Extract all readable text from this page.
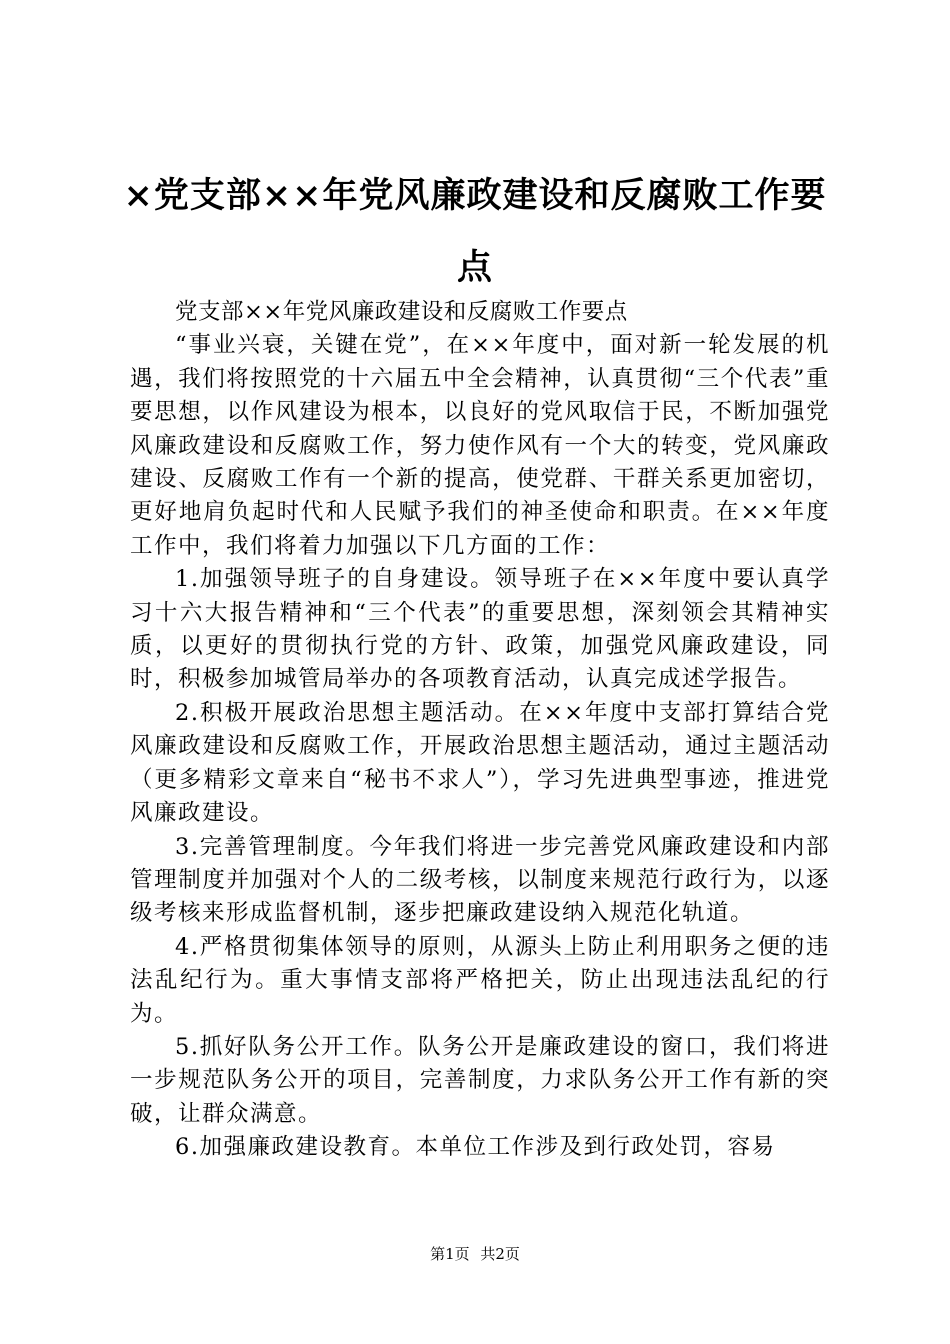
×党支部××年党风廉政建设和反腐败工作要点

党支部××年党风廉政建设和反腐败工作要点

“事业兴衰，关键在党”，在××年度中，面对新一轮发展的机遇，我们将按照党的十六届五中全会精神，认真贯彻“三个代表”重要思想，以作风建设为根本，以良好的党风取信于民，不断加强党风廉政建设和反腐败工作，努力使作风有一个大的转变，党风廉政建设、反腐败工作有一个新的提高，使党群、干群关系更加密切，更好地肩负起时代和人民赋予我们的神圣使命和职责。在××年度工作中，我们将着力加强以下几方面的工作：

1.加强领导班子的自身建设。领导班子在××年度中要认真学习十六大报告精神和“三个代表”的重要思想，深刻领会其精神实质，以更好的贯彻执行党的方针、政策，加强党风廉政建设，同时，积极参加城管局举办的各项教育活动，认真完成述学报告。

2.积极开展政治思想主题活动。在××年度中支部打算结合党风廉政建设和反腐败工作，开展政治思想主题活动，通过主题活动（更多精彩文章来自“秘书不求人”），学习先进典型事迹，推进党风廉政建设。

3.完善管理制度。今年我们将进一步完善党风廉政建设和内部管理制度并加强对个人的二级考核，以制度来规范行政行为，以逐级考核来形成监督机制，逐步把廉政建设纳入规范化轨道。

4.严格贯彻集体领导的原则，从源头上防止利用职务之便的违法乱纪行为。重大事情支部将严格把关，防止出现违法乱纪的行为。

5.抓好队务公开工作。队务公开是廉政建设的窗口，我们将进一步规范队务公开的项目，完善制度，力求队务公开工作有新的突破，让群众满意。

6.加强廉政建设教育。本单位工作涉及到行政处罚，容易

第1页 共2页
